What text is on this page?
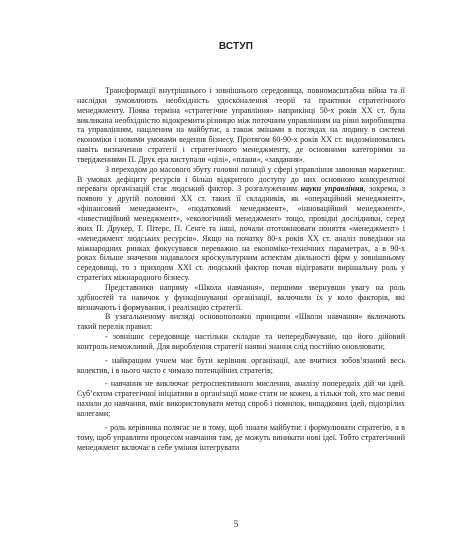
ВСТУП

Трансформації внутрішнього і зовнішнього середовища, повномасштабна війна та її наслідки зумовлюють необхідність удосконалення теорії та практики стратегічного менеджменту. Поява терміна «стратегічне управління» наприкінці 50-х років ХХ ст. була викликана необхідністю відокремити різницю між поточним управлінням на рівні виробництва та управлінням, націленим на майбутнє, а також змінами в поглядах на людину в системі економіки і новими умовами ведення бізнесу. Протягом 60-90-х років ХХ ст. видозмінювались навіть визначення стратегії і стратегічного менеджменту, де основними категоріями за твердженнями П. Друк ера виступали «цілі», «плани», «завдання».

З переходом до масового збуту головні позиції у сфері управління завоював маркетинг. В умовах дефіциту ресурсів і більш відкритого доступу до них основною конкурентної переваги організацій стає людський фактор. З розгалуженням науки управління, зокрема, з появою у другій половині ХХ ст. таких її складників, як «операційний менеджмент», «фінансовий менеджмент», «податковий менеджмент», «інноваційний менеджмент», «інвестиційний менеджмент», «екологічний менеджмент» тощо, провідні дослідники, серед яких П. Друкер, Т. Пітерс, П. Сенге та інші, почали ототожнювати поняття «менеджмент» і «менеджмент людських ресурсів». Якщо на початку 80-х років ХХ ст. аналіз поведінки на міжнародних ринках фокусувався переважно на економіко-технічних параметрах, а в 90-х роках більше значення надавалося кроскультурним аспектам діяльності фірм у зовнішньому середовищі, то з приходом ХХІ ст. людський фактор почав відігравати вирішальну роль у стратегіях міжнародного бізнесу.

Представники напряму «Школа навчання», першими звернувши увагу на роль здібностей та навичок у функціонуванні організації, включили їх у коло факторів, які визначають і формування, і реалізацію стратегії.

В узагальненому вигляді основоположні принципи «Школи навчання» включають такий перелік правил:

- зовнішнє середовище настільки складне та непередбачуване, що його дійовий контроль неможливий. Для вироблення стратегії наявні знання слід постійно оновлювати;

- найкращим учнем має бути керівник організації, але вчитися зобов’язаний весь колектив, і в нього часто є чимало потенційних стратегів;

- навчання не виключає ретроспективного мислення, аналізу попередніх дій чи ідей. Суб’єктом стратегічної ініціативи в організації може стати не кожен, а тільки той, хто має певні нахили до навчання, вміє використовувати метод спроб і помилок, випадкових ідей, підозрілих колегами;

- роль керівника полягає не в тому, щоб знаати майбутнє і формулювати стратегію, а в тому, щоб управляти процесом навчання там, де можуть виникати нові ідеї. Тобто стратегічний менеджмент включає в себе уміння інтегрувати

5
